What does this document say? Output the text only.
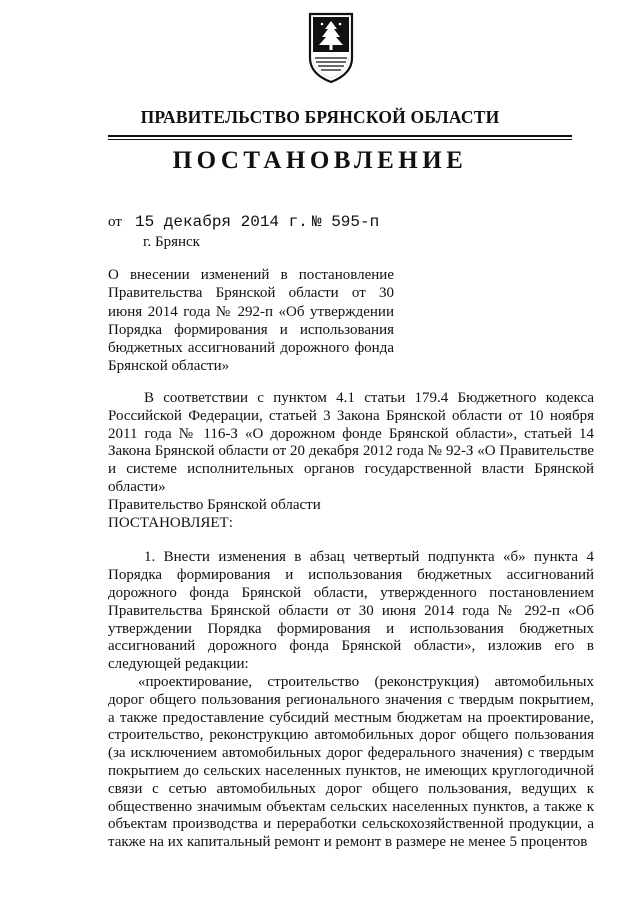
ПРАВИТЕЛЬСТВО БРЯНСКОЙ ОБЛАСТИ
ПОСТАНОВЛЕНИЕ
от 15 декабря 2014 г. № 595-п
г. Брянск
О внесении изменений в постановление Правительства Брянской области от 30 июня 2014 года № 292-п «Об утверждении Порядка формирования и использования бюджетных ассигнований дорожного фонда Брянской области»

В соответствии с пунктом 4.1 статьи 179.4 Бюджетного кодекса Российской Федерации, статьей 3 Закона Брянской области от 10 ноября 2011 года № 116-З «О дорожном фонде Брянской области», статьей 14 Закона Брянской области от 20 декабря 2012 года № 92-З «О Правительстве и системе исполнительных органов государственной власти Брянской области»

Правительство Брянской области

ПОСТАНОВЛЯЕТ:

1. Внести изменения в абзац четвертый подпункта «б» пункта 4 Порядка формирования и использования бюджетных ассигнований дорожного фонда Брянской области, утвержденного постановлением Правительства Брянской области от 30 июня 2014 года № 292-п «Об утверждении Порядка формирования и использования бюджетных ассигнований дорожного фонда Брянской области», изложив его в следующей редакции:

«проектирование, строительство (реконструкция) автомобильных дорог общего пользования регионального значения с твердым покрытием, а также предоставление субсидий местным бюджетам на проектирование, строительство, реконструкцию автомобильных дорог общего пользования (за исключением автомобильных дорог федерального значения) с твердым покрытием до сельских населенных пунктов, не имеющих круглогодичной связи с сетью автомобильных дорог общего пользования, ведущих к общественно значимым объектам сельских населенных пунктов, а также к объектам производства и переработки сельскохозяйственной продукции, а также на их капитальный ремонт и ремонт в размере не менее 5 процентов
